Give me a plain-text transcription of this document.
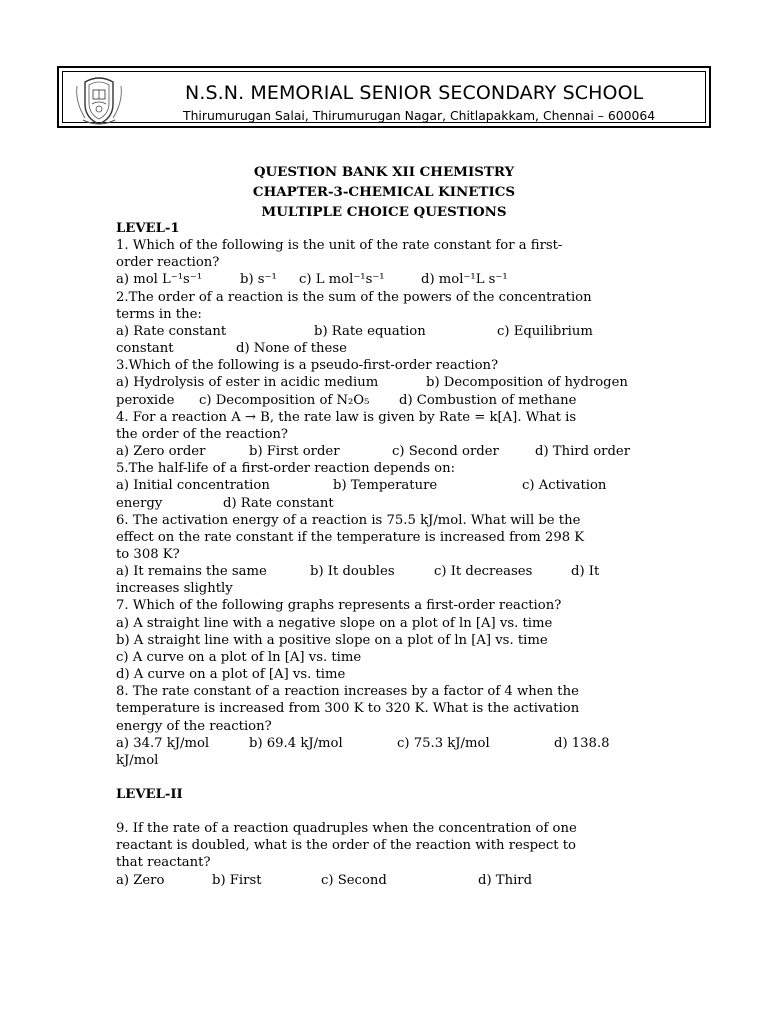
N.S.N. MEMORIAL SENIOR SECONDARY SCHOOL
Thirumurugan Salai, Thirumurugan Nagar, Chitlapakkam, Chennai – 600064
QUESTION BANK XII CHEMISTRY
CHAPTER-3-CHEMICAL KINETICS
MULTIPLE CHOICE QUESTIONS
LEVEL-1
1. Which of the following is the unit of the rate constant for a first-
order reaction?
a) mol L⁻¹s⁻¹	b) s⁻¹	c) L mol⁻¹s⁻¹	d) mol⁻¹L s⁻¹
2.The order of a reaction is the sum of the powers of the concentration
terms in the:
a) Rate constant	b) Rate equation	c) Equilibrium
constant	d) None of these
3.Which of the following is a pseudo-first-order reaction?
a) Hydrolysis of ester in acidic medium	b) Decomposition of hydrogen
peroxide	c) Decomposition of N₂O₅	d) Combustion of methane
4. For a reaction A → B, the rate law is given by Rate = k[A]. What is
the order of the reaction?
a) Zero order	b) First order	c) Second order	d) Third order
5.The half-life of a first-order reaction depends on:
a) Initial concentration	b) Temperature	c) Activation
energy	d) Rate constant
6. The activation energy of a reaction is 75.5 kJ/mol. What will be the
effect on the rate constant if the temperature is increased from 298 K
to 308 K?
a) It remains the same	b) It doubles	c) It decreases	d) It
increases slightly
7. Which of the following graphs represents a first-order reaction?
a) A straight line with a negative slope on a plot of ln [A] vs. time
b) A straight line with a positive slope on a plot of ln [A] vs. time
c) A curve on a plot of ln [A] vs. time
d) A curve on a plot of [A] vs. time
8. The rate constant of a reaction increases by a factor of 4 when the
temperature is increased from 300 K to 320 K. What is the activation
energy of the reaction?
a) 34.7 kJ/mol	b) 69.4 kJ/mol	c) 75.3 kJ/mol	d) 138.8
kJ/mol
LEVEL-II
9. If the rate of a reaction quadruples when the concentration of one
reactant is doubled, what is the order of the reaction with respect to
that reactant?
a) Zero	b) First	c) Second	d) Third
